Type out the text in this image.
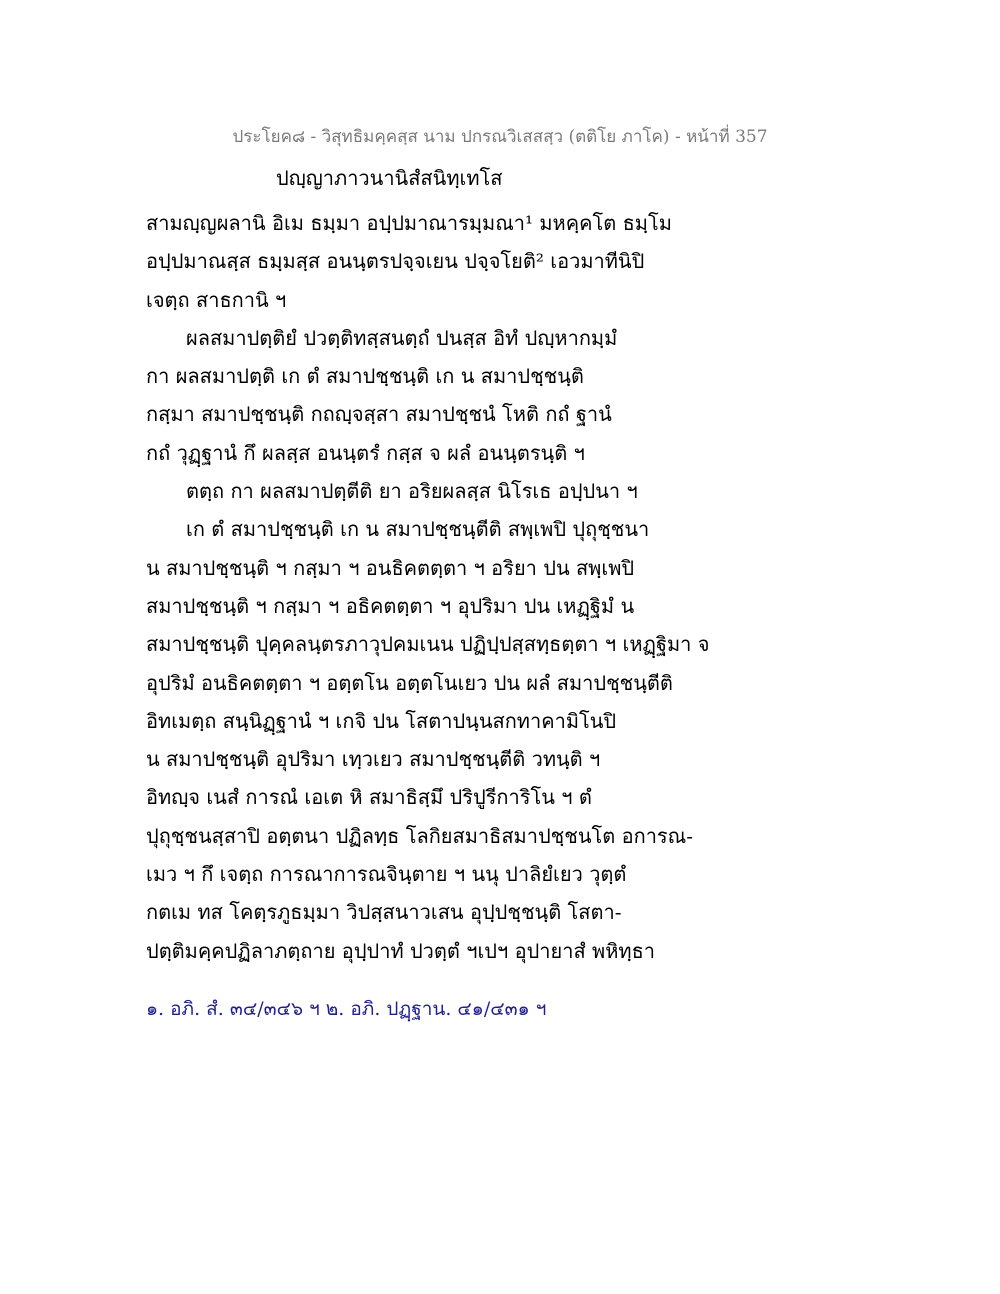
ประโยค๘ - วิสุทธิมคฺคสฺส นาม ปกรณวิเสสสฺว (ตติโย ภาโค) - หน้าที่ 357
ปญฺญาภาวนานิสํสนิทฺเทโส
สามญฺญผลานิ อิเม ธมฺมา อปฺปมาณารมฺมณา¹ มหคฺคโต ธมฺโม
อปฺปมาณสฺส ธมฺมสฺส อนนฺตรปจฺจเยน ปจฺจโยติ² เอวมาทีนิปิ
เจตฺถ สาธกานิ ฯ
ผลสมาปตฺติยํ ปวตฺติทสฺสนตฺถํ ปนสฺส อิทํ ปญฺหากมฺมํ
กา ผลสมาปตฺติ เก ตํ สมาปชฺชนฺติ เก น สมาปชฺชนฺติ
กสฺมา สมาปชฺชนฺติ กถญฺจสฺสา สมาปชฺชนํ โหติ กถํ ฐานํ
กถํ วุฏฺฐานํ กึ ผลสฺส อนนฺตรํ กสฺส จ ผลํ อนนฺตรนฺติ ฯ
ตตฺถ กา ผลสมาปตฺตีติ ยา อริยผลสฺส นิโรเธ อปฺปนา ฯ
เก ตํ สมาปชฺชนฺติ เก น สมาปชฺชนฺตีติ สพฺเพปิ ปุถุชฺชนา
น สมาปชฺชนฺติ ฯ กสฺมา ฯ อนธิคตตฺตา ฯ อริยา ปน สพฺเพปิ
สมาปชฺชนฺติ ฯ กสฺมา ฯ อธิคตตฺตา ฯ อุปริมา ปน เหฏฺฐิมํ น
สมาปชฺชนฺติ ปุคฺคลนฺตรภาวุปคมเนน ปฏิปฺปสฺสทฺธตฺตา ฯ เหฏฺฐิมา จ
อุปริมํ อนธิคตตฺตา ฯ อตฺตโน อตฺตโนเยว ปน ผลํ สมาปชฺชนฺตีติ
อิทเมตฺถ สนฺนิฏฺฐานํ ฯ เกจิ ปน โสตาปนฺนสกทาคามิโนปิ
น สมาปชฺชนฺติ อุปริมา เทฺวเยว สมาปชฺชนฺตีติ วทนฺติ ฯ
อิทญฺจ เนสํ การณํ เอเต หิ สมาธิสฺมึ ปริปูรีการิโน ฯ ตํ
ปุถุชฺชนสฺสาปิ อตฺตนา ปฏิลทฺธ โลกิยสมาธิสมาปชฺชนโต อการณ-
เมว ฯ กึ เจตฺถ การณาการณจินฺตาย ฯ นนุ ปาลิยํเยว วุตฺตํ
กตเม ทส โคตฺรภูธมฺมา วิปสฺสนาวเสน อุปฺปชฺชนฺติ โสตา-
ปตฺติมคฺคปฏิลาภตฺถาย อุปฺปาทํ ปวตฺตํ ฯเปฯ อุปายาสํ พหิทฺธา
๑. อภิ. สํ. ๓๔/๓๔๖ ฯ ๒. อภิ. ปฏฺฐาน. ๔๑/๔๓๑ ฯ
